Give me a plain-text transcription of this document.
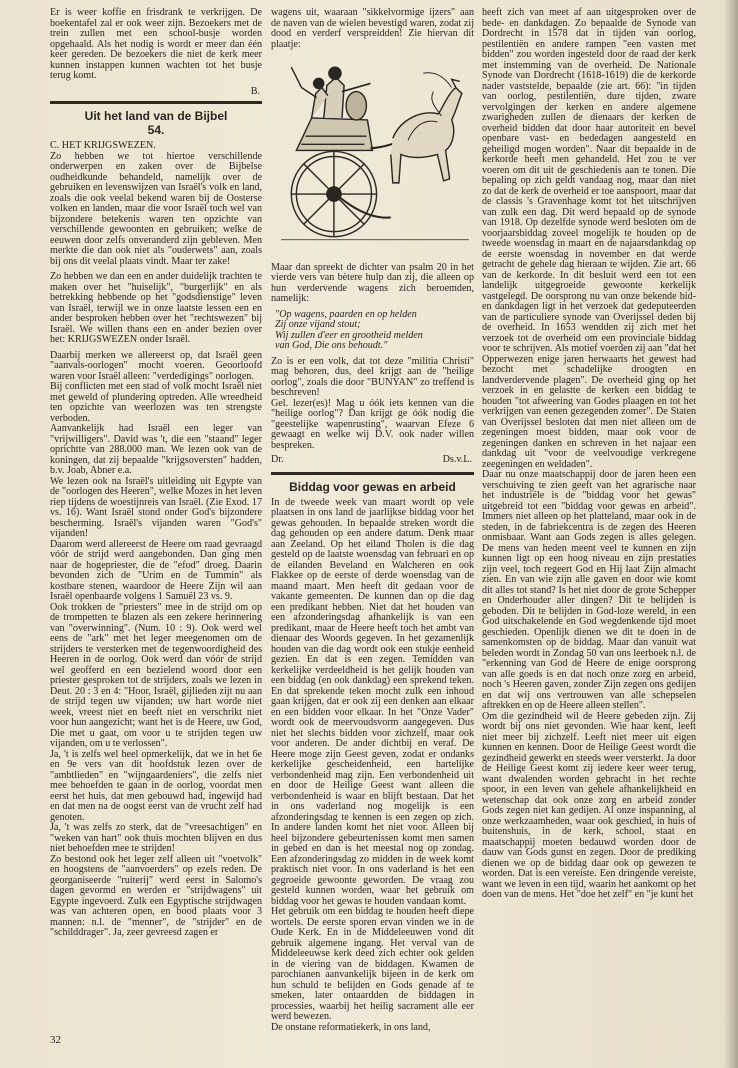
Er is weer koffie en frisdrank te verkrijgen. De boekentafel zal er ook weer zijn. Bezoekers met de trein zullen met een school-busje worden opgehaald. Als het nodig is wordt er meer dan één keer gereden. De bezoekers die niet de kerk meer kunnen instappen kunnen wachten tot het busje terug komt.

B.
Uit het land van de Bijbel
54.

C. HET KRIJGSWEZEN.

Zo hebben we tot hiertoe verschillende onderwerpen en zaken over de Bijbelse oudheidkunde behandeld, namelijk over de gebruiken en levenswijzen van Israël's volk en land, zoals die ook veelal bekend waren bij de Oosterse volken en landen, maar die voor Israël toch wel van bijzondere betekenis waren ten opzichte van verschillende gewoonten en gebruiken; welke de eeuwen door zelfs onveranderd zijn gebleven. Men merkte die dan ook niet als "ouderwets" aan, zoals bij ons dit veelal plaats vindt. Maar ter zake!

Zo hebben we dan een en ander duidelijk trachten te maken over het "huiselijk", "burgerlijk" en als betrekking hebbende op het "godsdienstige" leven van Israël, terwijl we in onze laatste lessen een en ander besproken hebben over het "rechtswezen" bij Israël. We willen thans een en ander bezien over het: KRIJGSWEZEN onder Israël.

Daarbij merken we allereerst op, dat Israël geen "aanvals-oorlogen" mocht voeren. Geoorloofd waren voor Israël alleen: "verdedigings" oorlogen.

Bij conflicten met een stad of volk mocht Israël niet met geweld of plundering optreden. Alle wreedheid ten opzichte van weerlozen was ten strengste verboden.

Aanvankelijk had Israël een leger van "vrijwilligers". David was 't, die een "staand" leger oprichtte van 288.000 man. We lezen ook van de koningen, dat zij bepaalde "krijgsoversten" hadden, b.v. Joab, Abner e.a.

We lezen ook na Israël's uitleiding uit Egypte van de "oorlogen des Heeren", welke Mozes in het leven riep tijdens de woestijnreis van Israël. (Zie Exod. 17 vs. 16). Want Israël stond onder God's bijzondere bescherming. Israël's vijanden waren "God's" vijanden!

Daarom werd allereerst de Heere om raad gevraagd vóór de strijd werd aangebonden. Dan ging men naar de hogepriester, die de "efod" droeg. Daarin bevonden zich de "Urim en de Tummin" als kostbare stenen, waardoor de Heere Zijn wil aan Israël openbaarde volgens 1 Samuël 23 vs. 9.

Ook trokken de "priesters" mee in de strijd om op de trompetten te blazen als een zekere herinnering van "overwinning". (Num. 10 : 9). Ook werd wel eens de "ark" met het leger meegenomen om de strijders te versterken met de tegenwoordigheid des Heeren in de oorlog. Ook werd dan vóór de strijd wel geofferd en een bezielend woord door een priester gesproken tot de strijders, zoals we lezen in Deut. 20 : 3 en 4: "Hoor, Israël, gijlieden zijt nu aan de strijd tegen uw vijanden; uw hart worde niet week, vreest niet en beeft niet en verschrikt niet voor hun aangezicht; want het is de Heere, uw God, Die met u gaat, om voor u te strijden tegen uw vijanden, om u te verlossen".

Ja, 't is zelfs wel heel opmerkelijk, dat we in het 6e en 9e vers van dit hoofdstuk lezen over de "ambtlieden" en "wijngaardeniers", die zelfs niet mee behoefden te gaan in de oorlog, voordat men eerst het huis, dat men gebouwd had, ingewijd had en dat men na de oogst eerst van de vrucht zelf had genoten.

Ja, 't was zelfs zo sterk, dat de "vreesachtigen" en "weken van hart" ook thuis mochten blijven en dus niet behoefden mee te strijden!

Zo bestond ook het leger zelf alleen uit "voetvolk" en hoogstens de "aanvoerders" op ezels reden. De georganiseerde "ruiterij" werd eerst in Salomo's dagen gevormd en werden er "strijdwagens" uit Egypte ingevoerd. Zulk een Egyptische strijdwagen was van achteren open, en bood plaats voor 3 mannen: n.l. de "menner", de "strijder" en de "schilddrager". Ja, zeer gevreesd zagen er

wagens uit, waaraan "sikkelvormige ijzers" aan de naven van de wielen bevestigd waren, zodat zij dood en verderf verspreidden! Zie hiervan dit plaatje:

Maar dan spreekt de dichter van psalm 20 in het vierde vers van bètere hulp dan zij, die alleen op hun verdervende wagens zich beroemden, namelijk:

"Op wagens, paarden en op helden
Zij onze vijand stout;
Wij zullen d'eer en grootheid melden
van God, Die ons behoudt."

Zo is er een volk, dat tot deze "militia Christi" mag behoren, dus, deel krijgt aan de "heilige oorlog", zoals die door "BUNYAN" zo treffend is beschreven!

Gel. lezer(es)! Mag u óók iets kennen van die "heilige oorlog"? Dan krijgt ge óók nodig die "geestelijke wapenrusting", waarvan Efeze 6 gewaagt en welke wij D.V. ook nader willen bespreken.

Dr.	Ds.v.L.
Biddag voor gewas en arbeid

In de tweede week van maart wordt op vele plaatsen in ons land de jaarlijkse biddag voor het gewas gehouden. In bepaalde streken wordt die dag gehouden op een andere datum. Denk maar aan Zeeland. Op het eiland Tholen is die dag gesteld op de laatste woensdag van februari en op de eilanden Beveland en Walcheren en ook Flakkee op de eerste of derde woensdag van de maand maart. Men heeft dit gedaan voor de vakante gemeenten. De kunnen dan op die dag een predikant hebben. Niet dat het houden van een afzonderingsdag afhankelijk is van een predikant, maar de Heere heeft toch het ambt van dienaar des Woords gegeven. In het gezamenlijk houden van die dag wordt ook een stukje eenheid gezien. En dat is een zegen. Temidden van kerkelijke verdeeldheid is het gelijk houden van een biddag (en ook dankdag) een sprekend teken. En dat sprekende teken mocht zulk een inhoud gaan krijgen, dat er ook zij een denken aan elkaar en een bidden voor elkaar. In het "Onze Vader" wordt ook de meervoudsvorm aangegeven. Dus niet het slechts bidden voor zichzelf, maar ook voor anderen. De ander dichtbij en veraf. De Heere moge zijn Geest geven, zodat er ondanks kerkelijke gescheidenheid, een hartelijke verbondenheid mag zijn. Een verbondenheid uit en door de Heilige Geest want alleen die verbondenheid is waar en blijft bestaan. Dat het in ons vaderland nog mogelijk is een afzonderingsdag te kennen is een zegen op zich. In andere landen komt het niet voor. Alleen bij heel bijzondere gebeurtenissen komt men samen in gebed en dan is het meestal nog op zondag. Een afzonderingsdag zo midden in de week komt praktisch niet voor. In ons vaderland is het een gegroeide gewoonte geworden. De vraag zou gesteld kunnen worden, waar het gebruik om biddag voor het gewas te houden vandaan komt.

Het gebruik om een biddag te houden heeft diepe wortels. De eerste sporen ervan vinden we in de Oude Kerk. En in de Middeleeuwen vond dit gebruik algemene ingang. Het verval van de Middeleeuwse kerk deed zich echter ook gelden in de viering van de biddagen. Kwamen de parochianen aanvankelijk bijeen in de kerk om hun schuld te belijden en Gods genade af te smeken, later ontaardden de biddagen in processies, waarbij het heilig sacrament alle eer werd bewezen.

De onstane reformatiekerk, in ons land,

heeft zich van meet af aan uitgesproken over de bede- en dankdagen. Zo bepaalde de Synode van Dordrecht in 1578 dat in tijden van oorlog, pestilentiën en andere rampen "een vasten met bidden" zou worden ingesteld door de raad der kerk met instemming van de overheid. De Nationale Synode van Dordrecht (1618-1619) die de kerkorde nader vaststelde, bepaalde (zie art. 66): "in tijden van oorlog, pestilentiën, dure tijden, zware vervolgingen der kerken en andere algemene zwarigheden zullen de dienaars der kerken de overheid bidden dat door haar autoriteit en bevel openbare vast- en bededagen aangesteld en geheiligd mogen worden". Naar dit bepaalde in de kerkorde heeft men gehandeld. Het zou te ver voeren om dit uit de geschiedenis aan te tonen. Die bepaling op zich geldt vandaag nog, maar dan niet zo dat de kerk de overheid er toe aanspoort, maar dat de classis 's Gravenhage komt tot het uitschrijven van zulk een dag. Dit werd bepaald op de synode van 1918. Op dezelfde synode werd besloten om de voorjaarsbiddag zoveel mogelijk te houden op de tweede woensdag in maart en de najaarsdankdag op de eerste woensdag in november en dat werde getracht de gehele dag hieraan te wijden. Zie art. 66 van de kerkorde. In dit besluit werd een tot een landelijk uitgegroeide gewoonte kerkelijk vastgelegd. De oorsprong nu van onze bekende bid- en dankdagen ligt in het verzoek dat gedeputeerden van de particuliere synode van Overijssel deden bij de overheid. In 1653 wendden zij zich met het verzoek tot de overheid om een provinciale biddag voor te schrijven. Als motief voerden zij aan "dat het Opperwezen enige jaren herwaarts het gewest had bezocht met schadelijke droogten en landverdervende plagen". De overheid ging op het verzoek in en gelastte de kerken een biddag te houden "tot afweering van Godes plaagen en tot het verkrijgen van eenen gezegenden zomer". De Staten van Overijssel besloten dat men niet alleen om de zegeningen moest bidden, maar ook voor de zegeningen danken en schreven in het najaar een dankdag uit "voor de veelvoudige verkregene zeegeningen en weldaden".

Daar nu onze maatschappij door de jaren heen een verschuiving te zien geeft van het agrarische naar het industriële is de "biddag voor het gewas" uitgebreid tot een "biddag voor gewas en arbeid". Immers niet alleen op het platteland, maar ook in de steden, in de fabriekcentra is de zegen des Heeren onmisbaar. Want aan Gods zegen is alles gelegen. De mens van heden meent veel te kunnen en zijn kunnen ligt op een hoog niveau en zijn prestaties zijn veel, toch regeert God en Hij laat Zijn almacht zien. En van wie zijn alle gaven en door wie komt dit alles tot stand? Is het niet door de grote Schepper en Onderhouder aller dingen? Dit te belijden is geboden. Dit te belijden in God-loze wereld, in een God uitschakelende en God wegdenkende tijd moet geschieden. Openlijk dienen we dit te doen in de samenkomsten op de biddag. Maar dan vanuit wat beleden wordt in Zondag 50 van ons leerboek n.l. de "erkenning van God de Heere de enige oorsprong van alle goeds is en dat noch onze zorg en arbeid, noch 's Heeren gaven, zonder Zijn zegen ons gedijen en dat wij ons vertrouwen van alle schepselen aftrekken en op de Heere alleen stellen".

Om die gezindheid wil de Heere gebeden zijn. Zij wordt bij ons niet gevonden. Wie haar kent, leeft niet meer bij zichzelf. Leeft niet meer uit eigen kunnen en kennen. Door de Heilige Geest wordt die gezindheid gewerkt en steeds weer versterkt. Ja door de Heilige Geest komt zij iedere keer weer terug, want dwalenden worden gebracht in het rechte spoor, in een leven van gehele afhankelijkheid en wetenschap dat ook onze zorg en arbeid zonder Gods zegen niet kan gedijen. Al onze inspanning, al onze werkzaamheden, waar ook geschied, in huis of buitenshuis, in de kerk, school, staat en maatschappij moeten bedauwd worden door de dauw van Gods gunst en zegen. Door de prediking dienen we op de biddag daar ook op gewezen te worden. Dat is een vereiste. Een dringende vereiste, want we leven in een tijd, waarin het aankomt op het doen van de mens. Het "doe het zelf" en "je kunt het

32
